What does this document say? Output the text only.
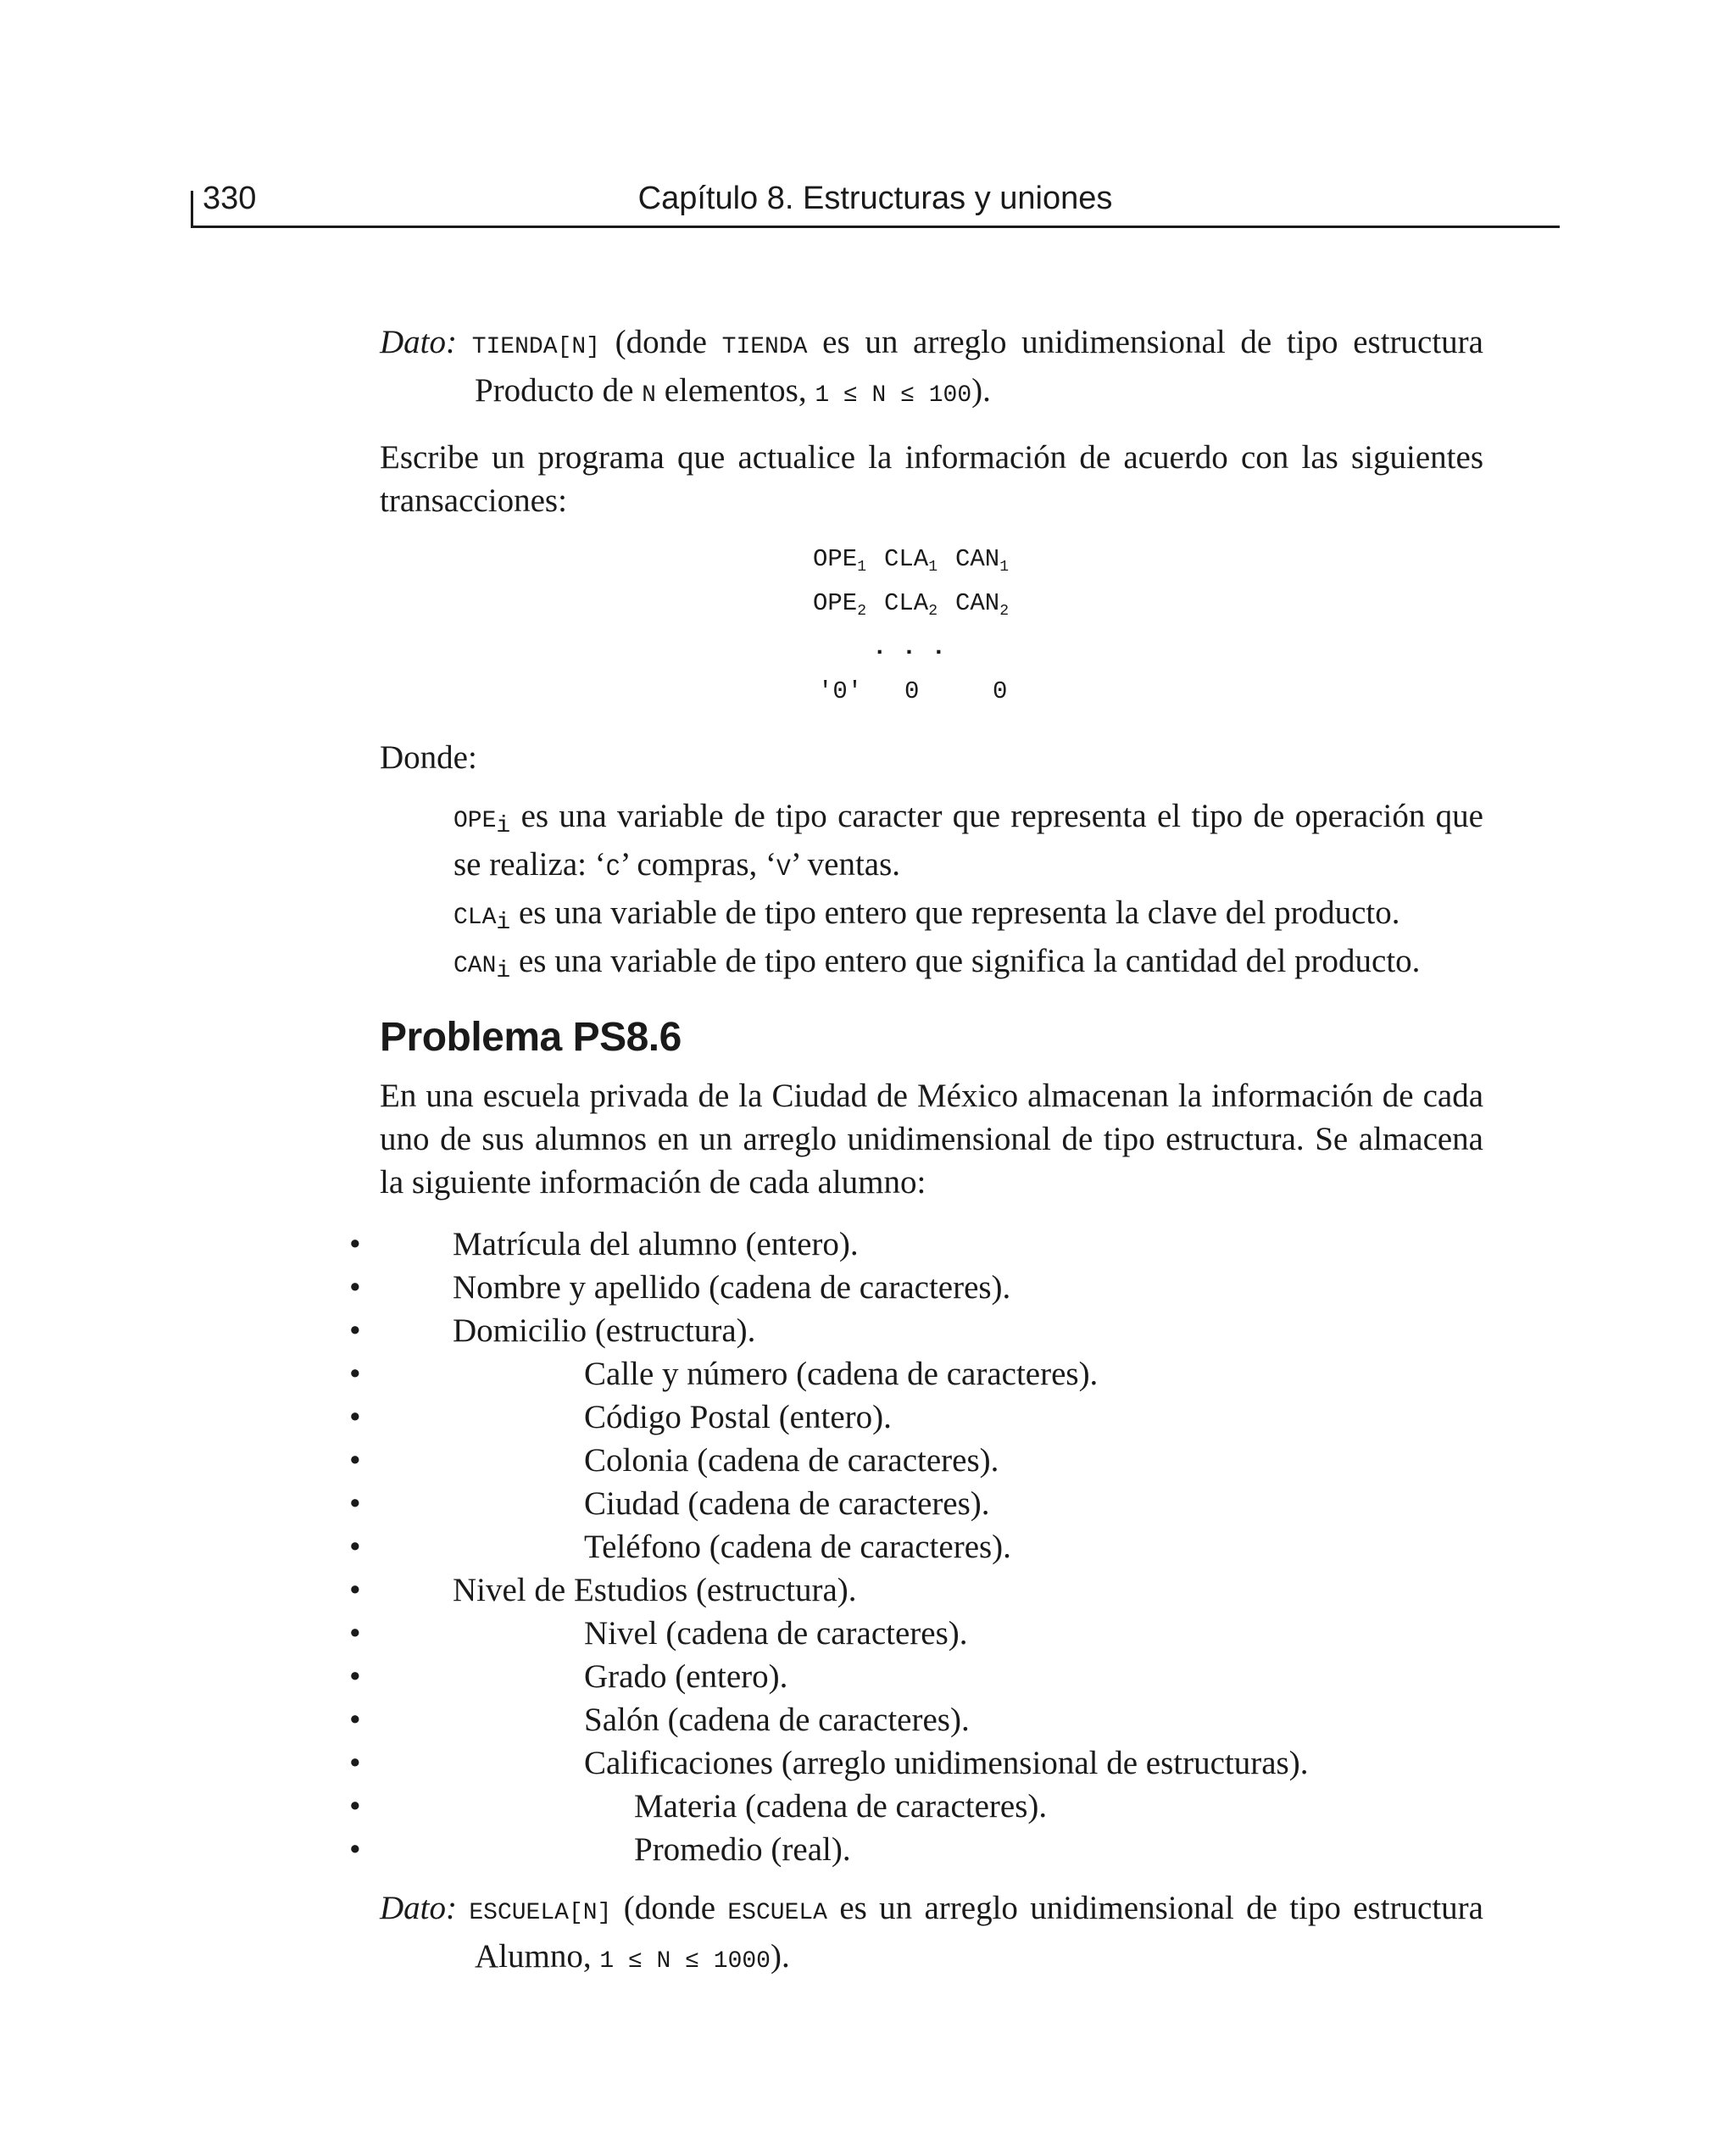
330	Capítulo 8. Estructuras y uniones

Dato: TIENDA[N] (donde TIENDA es un arreglo unidimensional de tipo estructura Producto de N elementos, 1 ≤ N ≤ 100).

Escribe un programa que actualice la información de acuerdo con las siguientes transacciones:

$OPE_1$ $CLA_1$ $CAN_1$
$OPE_2$ $CLA_2$ $CAN_2$
. . .
'0'	0	0

Donde:

$OPE_i$ es una variable de tipo caracter que representa el tipo de operación que se realiza: ‘C’ compras, ‘V’ ventas.

$CLA_i$ es una variable de tipo entero que representa la clave del producto.

$CAN_i$ es una variable de tipo entero que significa la cantidad del producto.

Problema PS8.6

En una escuela privada de la Ciudad de México almacenan la información de cada uno de sus alumnos en un arreglo unidimensional de tipo estructura. Se almacena la siguiente información de cada alumno:

• Matrícula del alumno (entero).
• Nombre y apellido (cadena de caracteres).
• Domicilio (estructura).
• Calle y número (cadena de caracteres).
• Código Postal (entero).
• Colonia (cadena de caracteres).
• Ciudad (cadena de caracteres).
• Teléfono (cadena de caracteres).
• Nivel de Estudios (estructura).
• Nivel (cadena de caracteres).
• Grado (entero).
• Salón (cadena de caracteres).
• Calificaciones (arreglo unidimensional de estructuras).
• Materia (cadena de caracteres).
• Promedio (real).

Dato: ESCUELA[N] (donde ESCUELA es un arreglo unidimensional de tipo estructura Alumno, 1 ≤ N ≤ 1000).
